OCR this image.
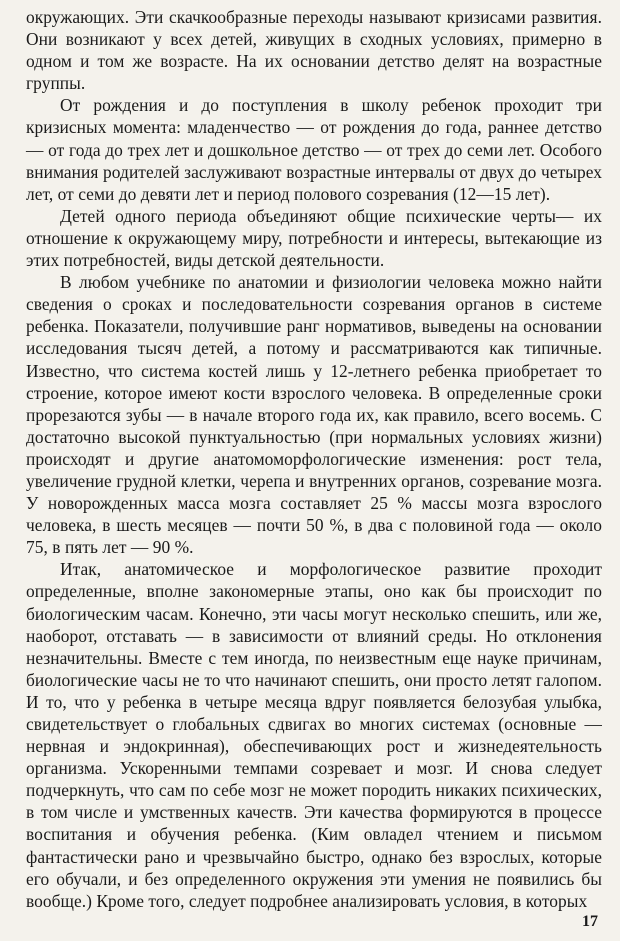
окружающих. Эти скачкообразные переходы называют кризисами развития. Они возникают у всех детей, живущих в сходных условиях, примерно в одном и том же возрасте. На их основании детство делят на возрастные группы.

От рождения и до поступления в школу ребенок проходит три кризисных момента: младенчество — от рождения до года, раннее детство — от года до трех лет и дошкольное детство — от трех до семи лет. Особого внимания родителей заслуживают возрастные интервалы от двух до четырех лет, от семи до девяти лет и период полового созревания (12—15 лет).

Детей одного периода объединяют общие психические черты— их отношение к окружающему миру, потребности и интересы, вытекающие из этих потребностей, виды детской деятельности.

В любом учебнике по анатомии и физиологии человека можно найти сведения о сроках и последовательности созревания органов в системе ребенка. Показатели, получившие ранг нормативов, выведены на основании исследования тысяч детей, а потому и рассматриваются как типичные. Известно, что система костей лишь у 12-летнего ребенка приобретает то строение, которое имеют кости взрослого человека. В определенные сроки прорезаются зубы — в начале второго года их, как правило, всего восемь. С достаточно высокой пунктуальностью (при нормальных условиях жизни) происходят и другие анатомоморфологические изменения: рост тела, увеличение грудной клетки, черепа и внутренних органов, созревание мозга. У новорожденных масса мозга составляет 25 % массы мозга взрослого человека, в шесть месяцев — почти 50 %, в два с половиной года — около 75, в пять лет — 90 %.

Итак, анатомическое и морфологическое развитие проходит определенные, вполне закономерные этапы, оно как бы происходит по биологическим часам. Конечно, эти часы могут несколько спешить, или же, наоборот, отставать — в зависимости от влияний среды. Но отклонения незначительны. Вместе с тем иногда, по неизвестным еще науке причинам, биологические часы не то что начинают спешить, они просто летят галопом. И то, что у ребенка в четыре месяца вдруг появляется белозубая улыбка, свидетельствует о глобальных сдвигах во многих системах (основные — нервная и эндокринная), обеспечивающих рост и жизнедеятельность организма. Ускоренными темпами созревает и мозг. И снова следует подчеркнуть, что сам по себе мозг не может породить никаких психических, в том числе и умственных качеств. Эти качества формируются в процессе воспитания и обучения ребенка. (Ким овладел чтением и письмом фантастически рано и чрезвычайно быстро, однако без взрослых, которые его обучали, и без определенного окружения эти умения не появились бы вообще.) Кроме того, следует подробнее анализировать условия, в которых

17
